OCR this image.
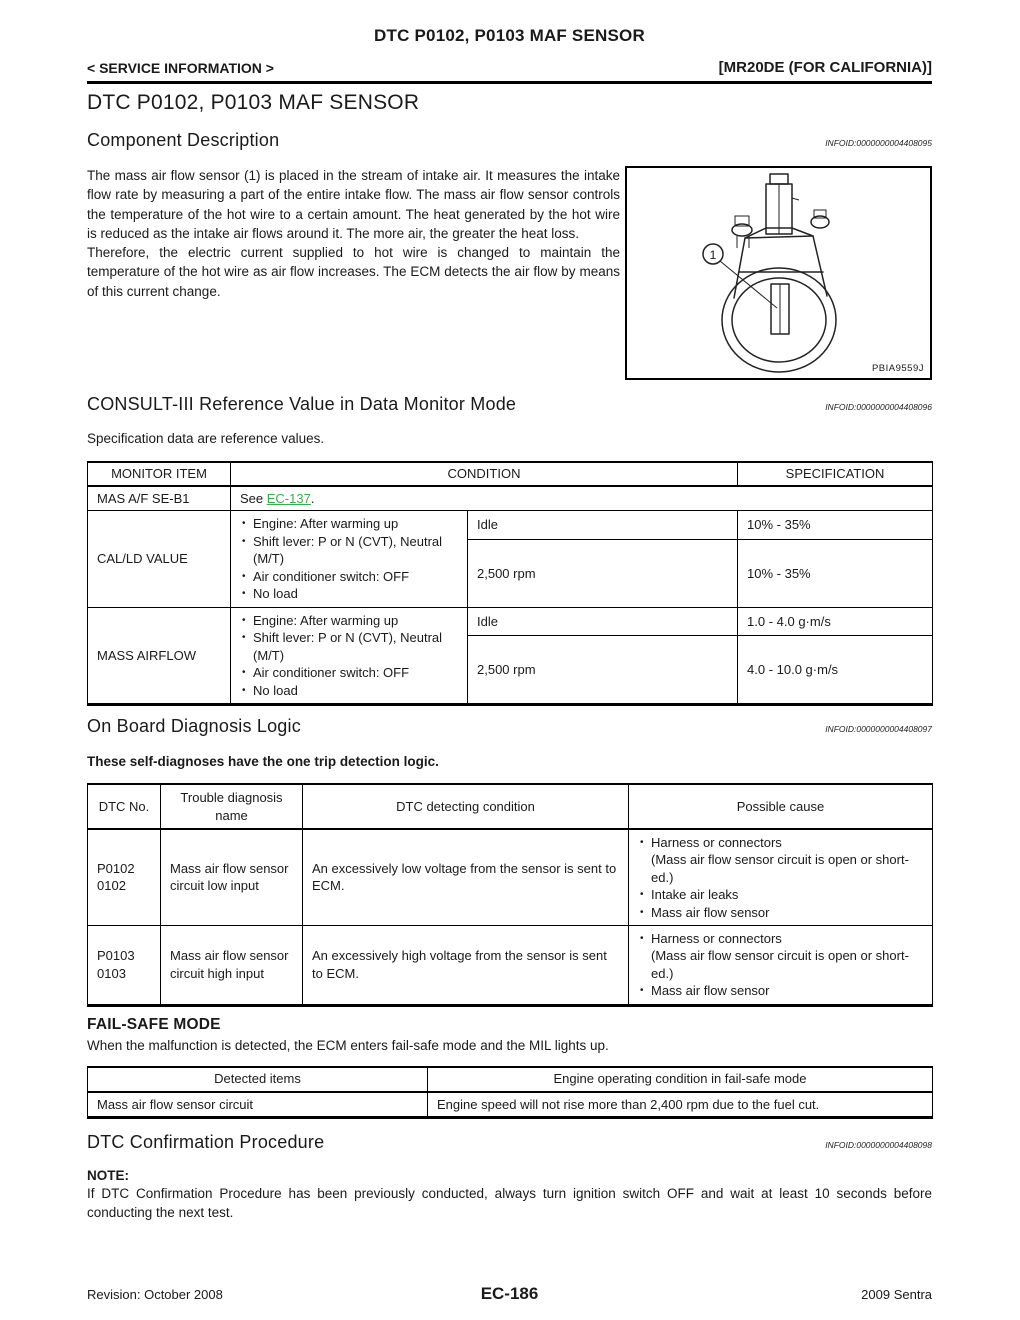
DTC P0102, P0103 MAF SENSOR
< SERVICE INFORMATION >	[MR20DE (FOR CALIFORNIA)]
DTC P0102, P0103 MAF SENSOR
Component Description	INFOID:0000000004408095

The mass air flow sensor (1) is placed in the stream of intake air. It measures the intake flow rate by measuring a part of the entire intake flow. The mass air flow sensor controls the temperature of the hot wire to a certain amount. The heat generated by the hot wire is reduced as the intake air flows around it. The more air, the greater the heat loss.

Therefore, the electric current supplied to hot wire is changed to maintain the temperature of the hot wire as air flow increases. The ECM detects the air flow by means of this current change.

1
PBIA9559J
CONSULT-III Reference Value in Data Monitor Mode	INFOID:0000000004408096
Specification data are reference values.
MONITOR ITEM	CONDITION		SPECIFICATION
MAS A/F SE-B1	See EC-137.		
CAL/LD VALUE	• Engine: After warming up
• Shift lever: P or N (CVT), Neutral (M/T)
• Air conditioner switch: OFF
• No load	Idle	10% - 35%
		2,500 rpm	10% - 35%
MASS AIRFLOW	• Engine: After warming up
• Shift lever: P or N (CVT), Neutral (M/T)
• Air conditioner switch: OFF
• No load	Idle	1.0 - 4.0 g·m/s
		2,500 rpm	4.0 - 10.0 g·m/s
On Board Diagnosis Logic	INFOID:0000000004408097
These self-diagnoses have the one trip detection logic.
DTC No.	Trouble diagnosis name	DTC detecting condition	Possible cause

P0102
0102
	Mass air flow sensor circuit low input	An excessively low voltage from the sensor is sent to ECM.	
• Harness or connectors
(Mass air flow sensor circuit is open or short-ed.)
• Intake air leaks
• Mass air flow sensor

P0103
0103
	Mass air flow sensor circuit high input	An excessively high voltage from the sensor is sent to ECM.	
• Harness or connectors
(Mass air flow sensor circuit is open or short-ed.)
• Mass air flow sensor
FAIL-SAFE MODE
When the malfunction is detected, the ECM enters fail-safe mode and the MIL lights up.
Detected items	Engine operating condition in fail-safe mode
Mass air flow sensor circuit	Engine speed will not rise more than 2,400 rpm due to the fuel cut.
DTC Confirmation Procedure	INFOID:0000000004408098
NOTE:
If DTC Confirmation Procedure has been previously conducted, always turn ignition switch OFF and wait at least 10 seconds before conducting the next test.
Revision: October 2008	EC-186	2009 Sentra
